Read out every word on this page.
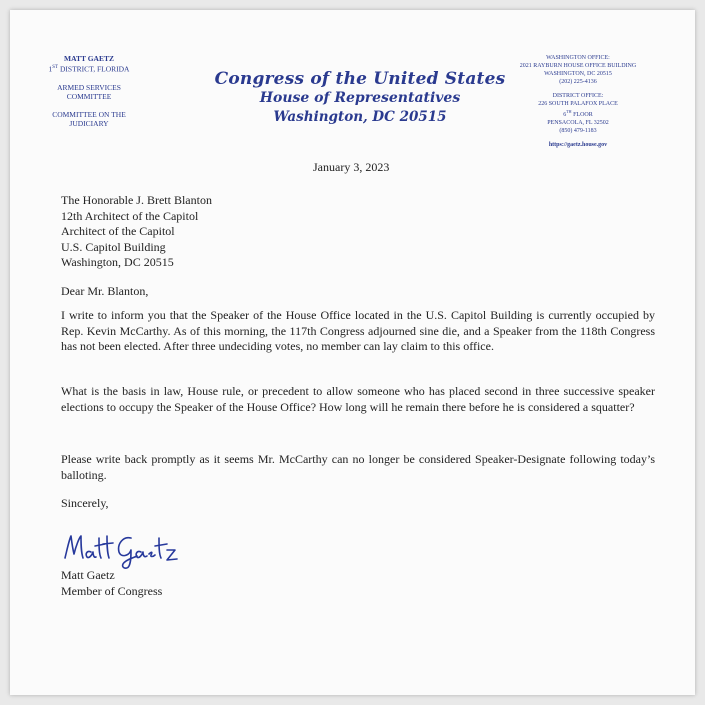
MATT GAETZ
1ST DISTRICT, FLORIDA
ARMED SERVICES
COMMITTEE
COMMITTEE ON THE
JUDICIARY
Congress of the United States
House of Representatives
Washington, DC 20515
WASHINGTON OFFICE:
2021 RAYBURN HOUSE OFFICE BUILDING
WASHINGTON, DC 20515
(202) 225-4136
DISTRICT OFFICE:
226 SOUTH PALAFOX PLACE
6TH FLOOR
PENSACOLA, FL 32502
(850) 479-1183
https://gaetz.house.gov
January 3, 2023
The Honorable J. Brett Blanton
12th Architect of the Capitol
Architect of the Capitol
U.S. Capitol Building
Washington, DC 20515
Dear Mr. Blanton,
I write to inform you that the Speaker of the House Office located in the U.S. Capitol Building is currently occupied by Rep. Kevin McCarthy. As of this morning, the 117th Congress adjourned sine die, and a Speaker from the 118th Congress has not been elected. After three undeciding votes, no member can lay claim to this office.
What is the basis in law, House rule, or precedent to allow someone who has placed second in three successive speaker elections to occupy the Speaker of the House Office? How long will he remain there before he is considered a squatter?
Please write back promptly as it seems Mr. McCarthy can no longer be considered Speaker-Designate following today’s balloting.
Sincerely,
Matt Gaetz
Member of Congress
